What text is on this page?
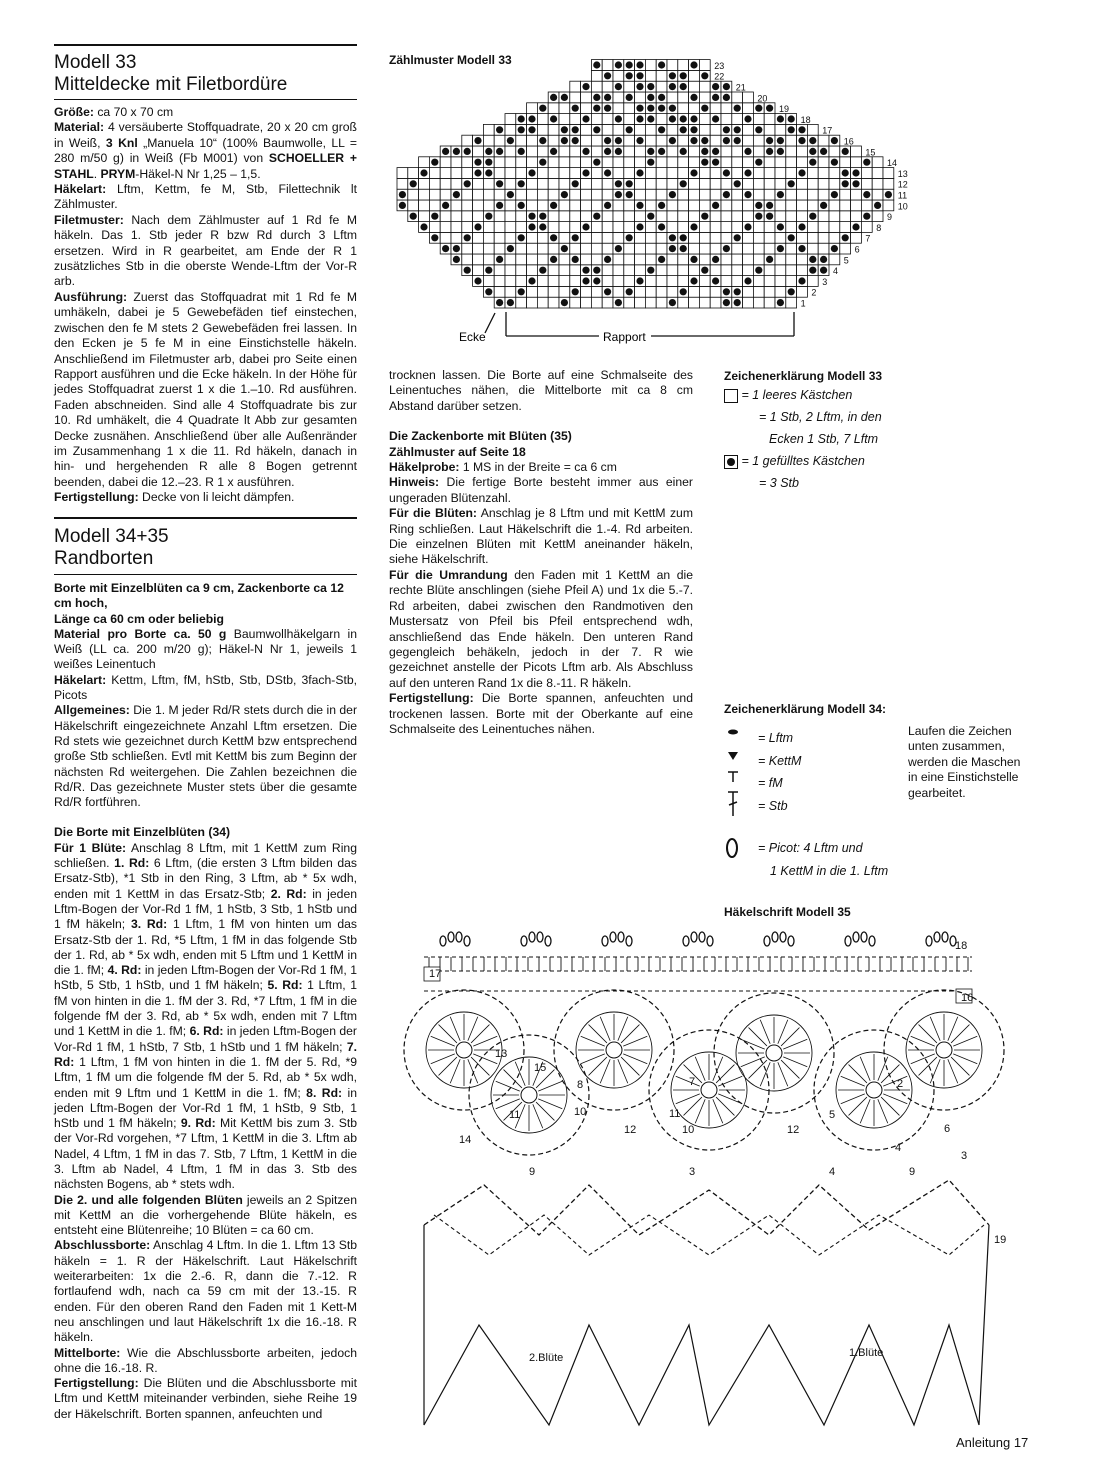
Modell 33
Mitteldecke mit Filetbordüre

Größe: ca 70 x 70 cm

Material: 4 versäuberte Stoffquadrate, 20 x 20 cm groß in Weiß, 3 Knl „Manuela 10“ (100% Baumwolle, LL = 280 m/50 g) in Weiß (Fb M001) von SCHOELLER + STAHL. PRYM-Häkel-N Nr 1,25 – 1,5.

Häkelart: Lftm, Kettm, fe M, Stb, Filettechnik lt Zählmuster.

Filetmuster: Nach dem Zählmuster auf 1 Rd fe M häkeln. Das 1. Stb jeder R bzw Rd durch 3 Lftm ersetzen. Wird in R gearbeitet, am Ende der R 1 zusätzliches Stb in die oberste Wende-Lftm der Vor-R arb.

Ausführung: Zuerst das Stoffquadrat mit 1 Rd fe M umhäkeln, dabei je 5 Gewebefäden tief einstechen, zwischen den fe M stets 2 Gewebefäden frei lassen. In den Ecken je 5 fe M in eine Einstichstelle häkeln. Anschließend im Filetmuster arb, dabei pro Seite einen Rapport ausführen und die Ecke häkeln. In der Höhe für jedes Stoffquadrat zuerst 1 x die 1.–10. Rd ausführen. Faden abschneiden. Sind alle 4 Stoffquadrate bis zur 10. Rd umhäkelt, die 4 Quadrate lt Abb zur gesamten Decke zusnähen. Anschließend über alle Außenränder im Zusammenhang 1 x die 11. Rd häkeln, danach in hin- und hergehenden R alle 8 Bogen getrennt beenden, dabei die 12.–23. R 1 x ausführen.

Fertigstellung: Decke von li leicht dämpfen.

Modell 34+35
Randborten

Borte mit Einzelblüten ca 9 cm, Zackenborte ca 12 cm hoch,

Länge ca 60 cm oder beliebig

Material pro Borte ca. 50 g Baumwollhäkelgarn in Weiß (LL ca. 200 m/20 g); Häkel-N Nr 1, jeweils 1 weißes Leinentuch

Häkelart: Kettm, Lftm, fM, hStb, Stb, DStb, 3fach-Stb, Picots

Allgemeines: Die 1. M jeder Rd/R stets durch die in der Häkelschrift eingezeichnete Anzahl Lftm ersetzen. Die Rd stets wie gezeichnet durch KettM bzw entsprechend große Stb schließen. Evtl mit KettM bis zum Beginn der nächsten Rd weitergehen. Die Zahlen bezeichnen die Rd/R. Das gezeichnete Muster stets über die gesamte Rd/R fortführen.

Die Borte mit Einzelblüten (34)

Für 1 Blüte: Anschlag 8 Lftm, mit 1 KettM zum Ring schließen. 1. Rd: 6 Lftm, (die ersten 3 Lftm bilden das Ersatz-Stb), *1 Stb in den Ring, 3 Lftm, ab * 5x wdh, enden mit 1 KettM in das Ersatz-Stb; 2. Rd: in jeden Lftm-Bogen der Vor-Rd 1 fM, 1 hStb, 3 Stb, 1 hStb und 1 fM häkeln; 3. Rd: 1 Lftm, 1 fM von hinten um das Ersatz-Stb der 1. Rd, *5 Lftm, 1 fM in das folgende Stb der 1. Rd, ab * 5x wdh, enden mit 5 Lftm und 1 KettM in die 1. fM; 4. Rd: in jeden Lftm-Bogen der Vor-Rd 1 fM, 1 hStb, 5 Stb, 1 hStb, und 1 fM häkeln; 5. Rd: 1 Lftm, 1 fM von hinten in die 1. fM der 3. Rd, *7 Lftm, 1 fM in die folgende fM der 3. Rd, ab * 5x wdh, enden mit 7 Lftm und 1 KettM in die 1. fM; 6. Rd: in jeden Lftm-Bogen der Vor-Rd 1 fM, 1 hStb, 7 Stb, 1 hStb und 1 fM häkeln; 7. Rd: 1 Lftm, 1 fM von hinten in die 1. fM der 5. Rd, *9 Lftm, 1 fM um die folgende fM der 5. Rd, ab * 5x wdh, enden mit 9 Lftm und 1 KettM in die 1. fM; 8. Rd: in jeden Lftm-Bogen der Vor-Rd 1 fM, 1 hStb, 9 Stb, 1 hStb und 1 fM häkeln; 9. Rd: Mit KettM bis zum 3. Stb der Vor-Rd vorgehen, *7 Lftm, 1 KettM in die 3. Lftm ab Nadel, 4 Lftm, 1 fM in das 7. Stb, 7 Lftm, 1 KettM in die 3. Lftm ab Nadel, 4 Lftm, 1 fM in das 3. Stb des nächsten Bogens, ab * stets wdh.

Die 2. und alle folgenden Blüten jeweils an 2 Spitzen mit KettM an die vorhergehende Blüte häkeln, es entsteht eine Blütenreihe; 10 Blüten = ca 60 cm.

Abschlussborte: Anschlag 4 Lftm. In die 1. Lftm 13 Stb häkeln = 1. R der Häkelschrift. Laut Häkelschrift weiterarbeiten: 1x die 2.-6. R, dann die 7.-12. R fortlaufend wdh, nach ca 59 cm mit der 13.-15. R enden. Für den oberen Rand den Faden mit 1 Kett-M neu anschlingen und laut Häkelschrift 1x die 16.-18. R häkeln.

Mittelborte: Wie die Abschlussborte arbeiten, jedoch ohne die 16.-18. R.

Fertigstellung: Die Blüten und die Abschlussborte mit Lftm und KettM miteinander verbinden, siehe Reihe 19 der Häkelschrift. Borten spannen, anfeuchten und

trocknen lassen. Die Borte auf eine Schmalseite des Leinentuches nähen, die Mittelborte mit ca 8 cm Abstand darüber setzen.

Die Zackenborte mit Blüten (35)

Zählmuster auf Seite 18

Häkelprobe: 1 MS in der Breite = ca 6 cm

Hinweis: Die fertige Borte besteht immer aus einer ungeraden Blütenzahl.

Für die Blüten: Anschlag je 8 Lftm und mit KettM zum Ring schließen. Laut Häkelschrift die 1.-4. Rd arbeiten. Die einzelnen Blüten mit KettM aneinander häkeln, siehe Häkelschrift.

Für die Umrandung den Faden mit 1 KettM an die rechte Blüte anschlingen (siehe Pfeil A) und 1x die 5.-7. Rd arbeiten, dabei zwischen den Randmotiven den Mustersatz von Pfeil bis Pfeil entsprechend wdh, anschließend das Ende häkeln. Den unteren Rand gegengleich behäkeln, jedoch in der 7. R wie gezeichnet anstelle der Picots Lftm arb. Als Abschluss auf den unteren Rand 1x die 8.-11. R häkeln.

Fertigstellung: Die Borte spannen, anfeuchten und trockenen lassen. Borte mit der Oberkante auf eine Schmalseite des Leinentuches nähen.

Zählmuster Modell 33
1
2
3
4
5
6
7
8
9
10
11
12
13
14
15
16
17
18
19
20
21
22
23
Ecke	Rapport
Zeichenerklärung Modell 33
= 1 leeres Kästchen
= 1 Stb, 2 Lftm, in den
Ecken 1 Stb, 7 Lftm
= 1 gefülltes Kästchen
= 3 Stb
Zeichenerklärung Modell 34:
= Lftm
= KettM
= fM
= Stb
= Picot: 4 Lftm und
1 KettM in die 1. Lftm
Laufen die Zeichen unten zusammen, werden die Maschen in eine Einstichstelle gearbeitet.
Häkelschrift Modell 35
17
18
16
13
15
8	7	2
11	10
12
11
10	12
5
6
14
4
3
19
9	3	4	9
2.Blüte	1.Blüte
Anleitung 17
